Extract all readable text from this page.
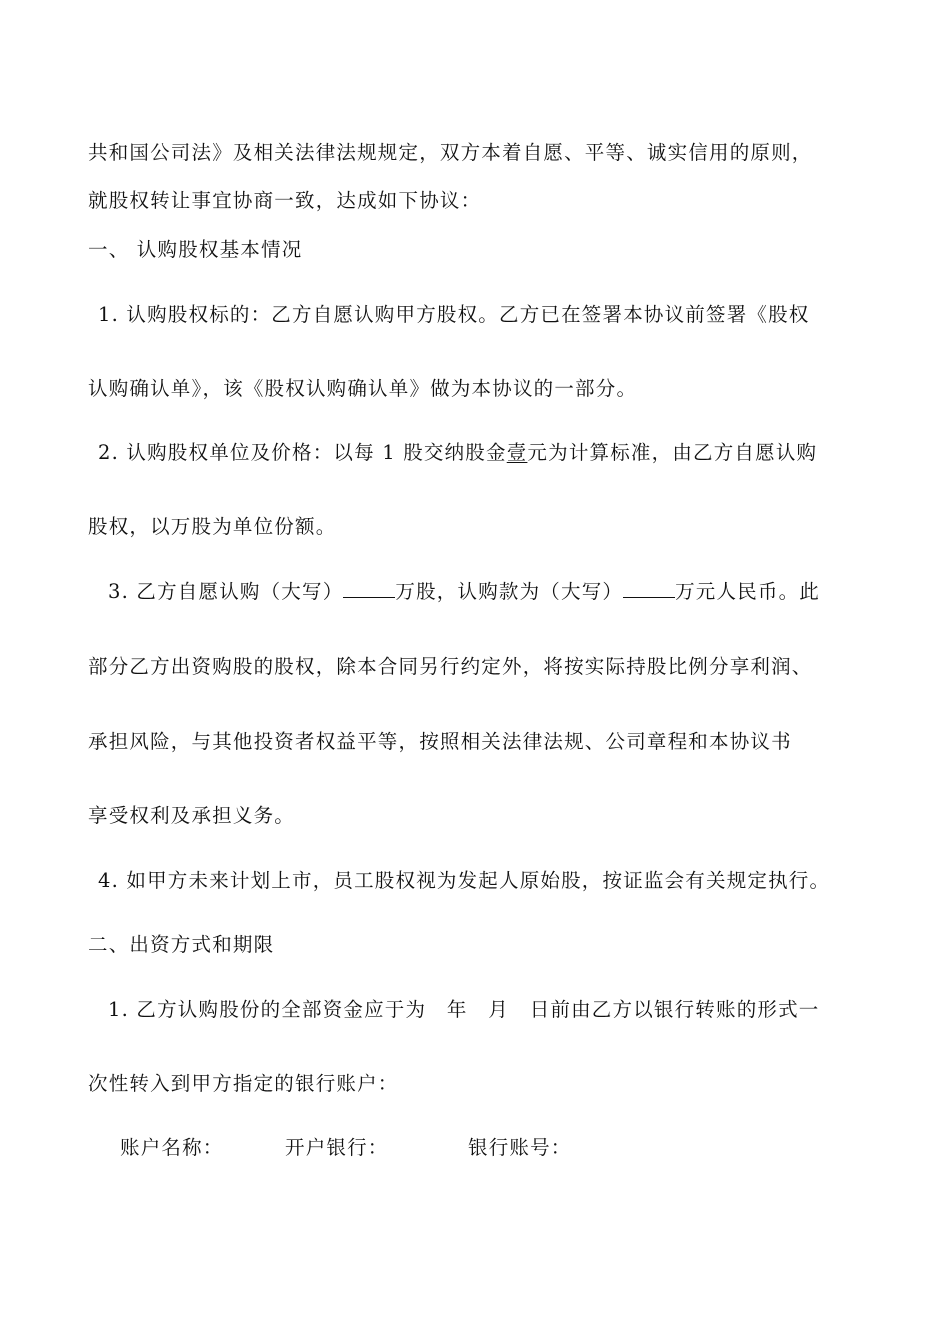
共和国公司法》及相关法律法规规定，双方本着自愿、平等、诚实信用的原则，
就股权转让事宜协商一致，达成如下协议：
一、 认购股权基本情况
1. 认购股权标的：乙方自愿认购甲方股权。乙方已在签署本协议前签署《股权
认购确认单》，该《股权认购确认单》做为本协议的一部分。
2. 认购股权单位及价格：以每 1 股交纳股金壹元为计算标准，由乙方自愿认购
股权，以万股为单位份额。
3. 乙方自愿认购（大写）	万股，认购款为（大写）	万元人民币。此
部分乙方出资购股的股权，除本合同另行约定外，将按实际持股比例分享利润、
承担风险，与其他投资者权益平等，按照相关法律法规、公司章程和本协议书
享受权利及承担义务。
4. 如甲方未来计划上市，员工股权视为发起人原始股，按证监会有关规定执行。
二、出资方式和期限
1. 乙方认购股份的全部资金应于为　年　月　日前由乙方以银行转账的形式一
次性转入到甲方指定的银行账户：
账户名称：	开户银行：	银行账号：
